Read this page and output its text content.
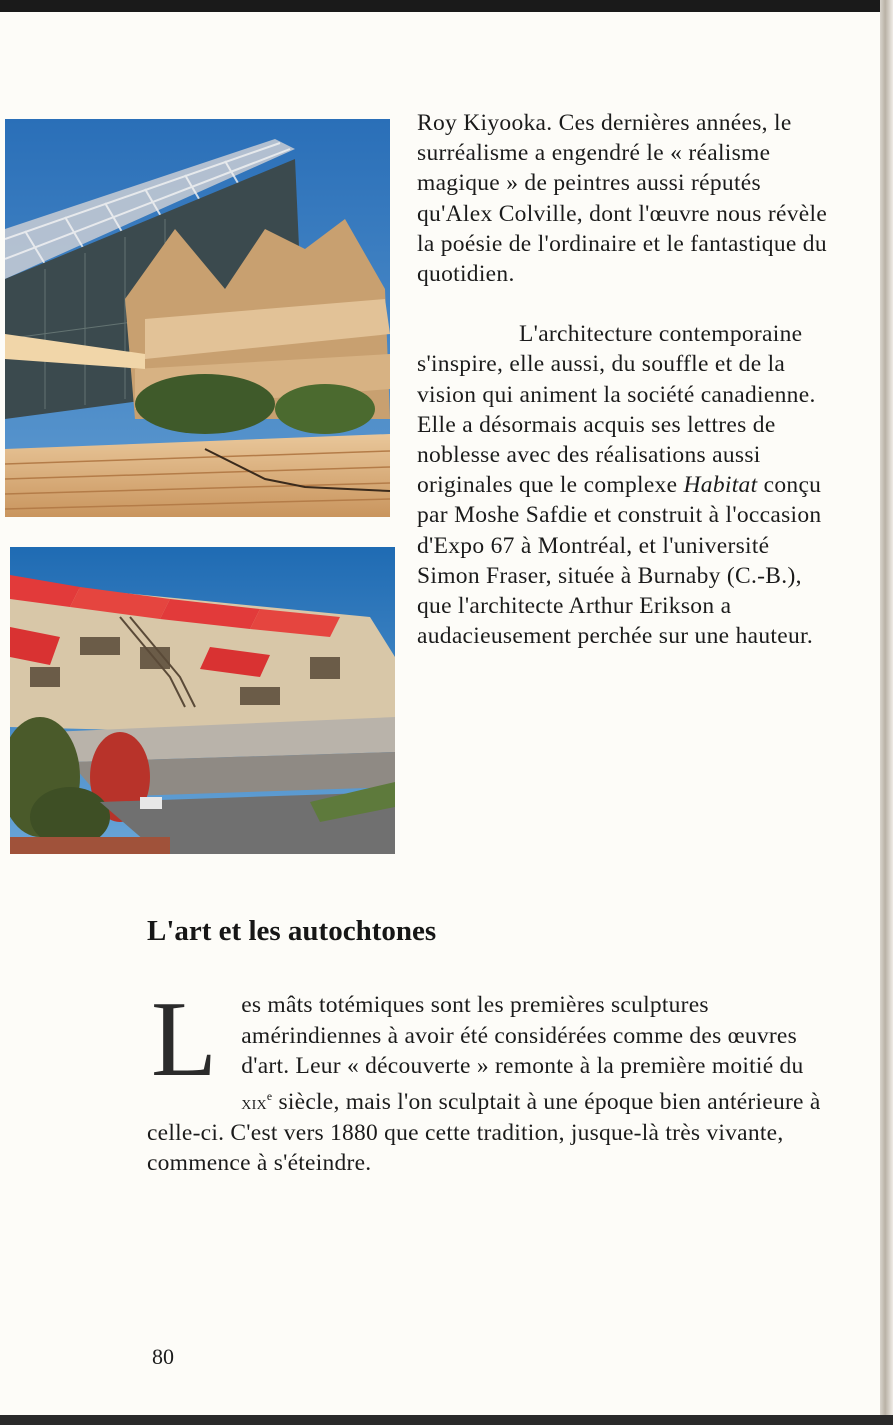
Roy Kiyooka. Ces dernières années, le surréalisme a engendré le « réalisme magique » de peintres aussi réputés qu'Alex Colville, dont l'œuvre nous révèle la poésie de l'ordinaire et le fantastique du quotidien.

L'architecture contemporaine s'inspire, elle aussi, du souffle et de la vision qui animent la société canadienne. Elle a désormais acquis ses lettres de noblesse avec des réalisations aussi originales que le complexe Habitat conçu par Moshe Safdie et construit à l'occasion d'Expo 67 à Montréal, et l'université Simon Fraser, située à Burnaby (C.-B.), que l'architecte Arthur Erikson a audacieusement perchée sur une hauteur.

L'art et les autochtones

L es mâts totémiques sont les premières sculptures amérindiennes à avoir été considérées comme des œuvres d'art. Leur « découverte » remonte à la première moitié du xix$^e$ siècle, mais l'on sculptait à une époque bien antérieure à celle-ci. C'est vers 1880 que cette tradition, jusque-là très vivante, commence à s'éteindre.

80
